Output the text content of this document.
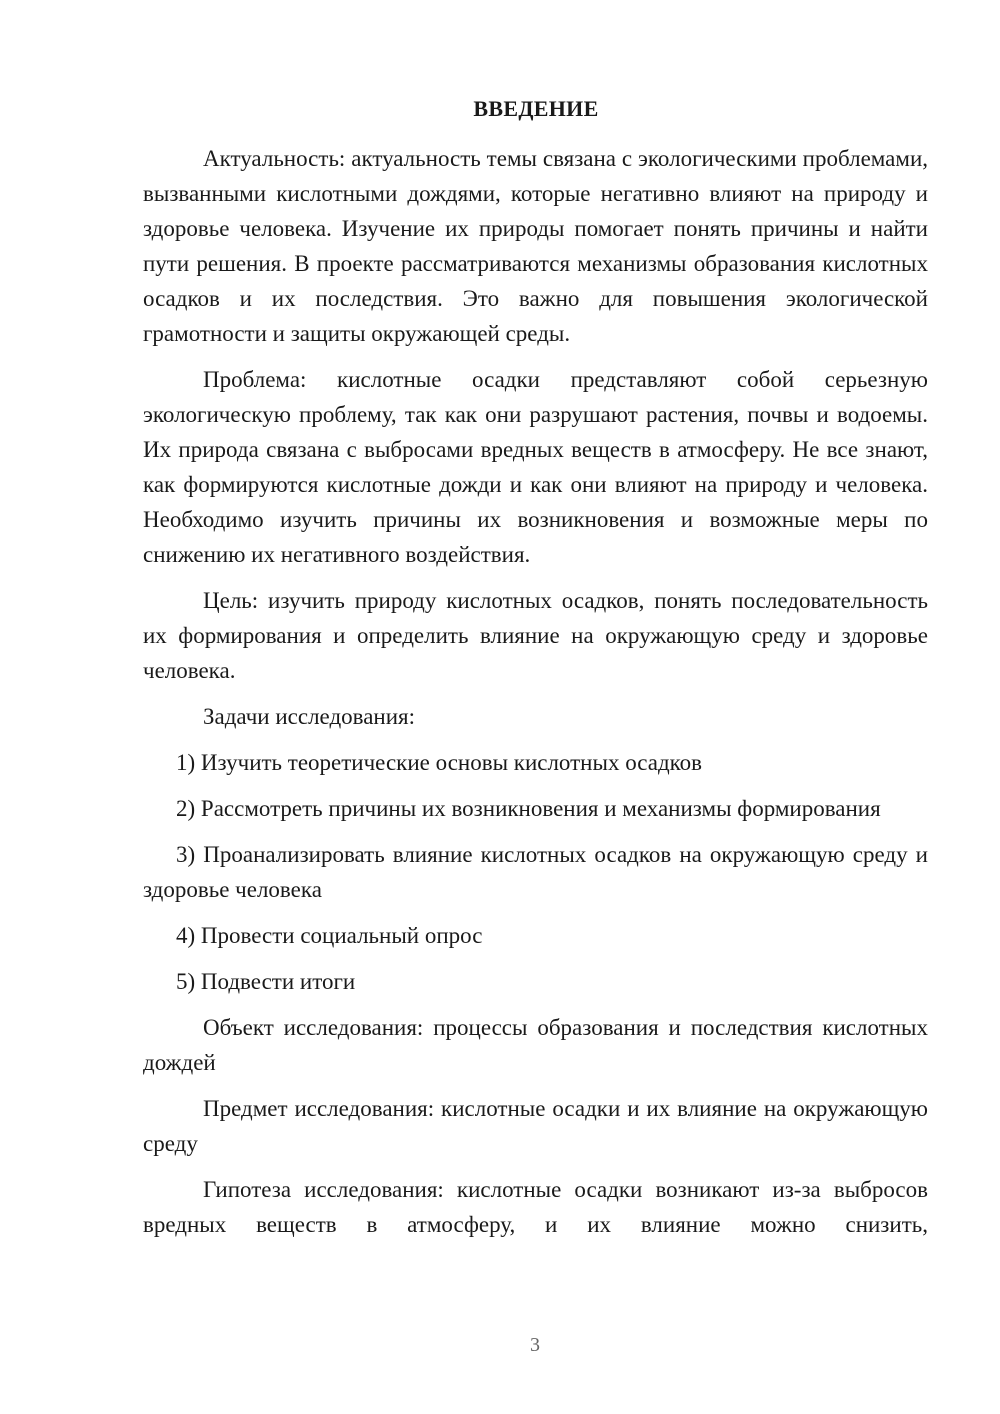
ВВЕДЕНИЕ

Актуальность: актуальность темы связана с экологическими проблемами, вызванными кислотными дождями, которые негативно влияют на природу и здоровье человека. Изучение их природы помогает понять причины и найти пути решения. В проекте рассматриваются механизмы образования кислотных осадков и их последствия. Это важно для повышения экологической грамотности и защиты окружающей среды.

Проблема: кислотные осадки представляют собой серьезную экологическую проблему, так как они разрушают растения, почвы и водоемы. Их природа связана с выбросами вредных веществ в атмосферу. Не все знают, как формируются кислотные дожди и как они влияют на природу и человека. Необходимо изучить причины их возникновения и возможные меры по снижению их негативного воздействия.

Цель: изучить природу кислотных осадков, понять последовательность их формирования и определить влияние на окружающую среду и здоровье человека.

Задачи исследования:

1) Изучить теоретические основы кислотных осадков

2) Рассмотреть причины их возникновения и механизмы формирования

3) Проанализировать влияние кислотных осадков на окружающую среду и здоровье человека

4) Провести социальный опрос

5) Подвести итоги

Объект исследования: процессы образования и последствия кислотных дождей

Предмет исследования: кислотные осадки и их влияние на окружающую среду

Гипотеза исследования: кислотные осадки возникают из-за выбросов вредных веществ в атмосферу, и их влияние можно снизить,

3
